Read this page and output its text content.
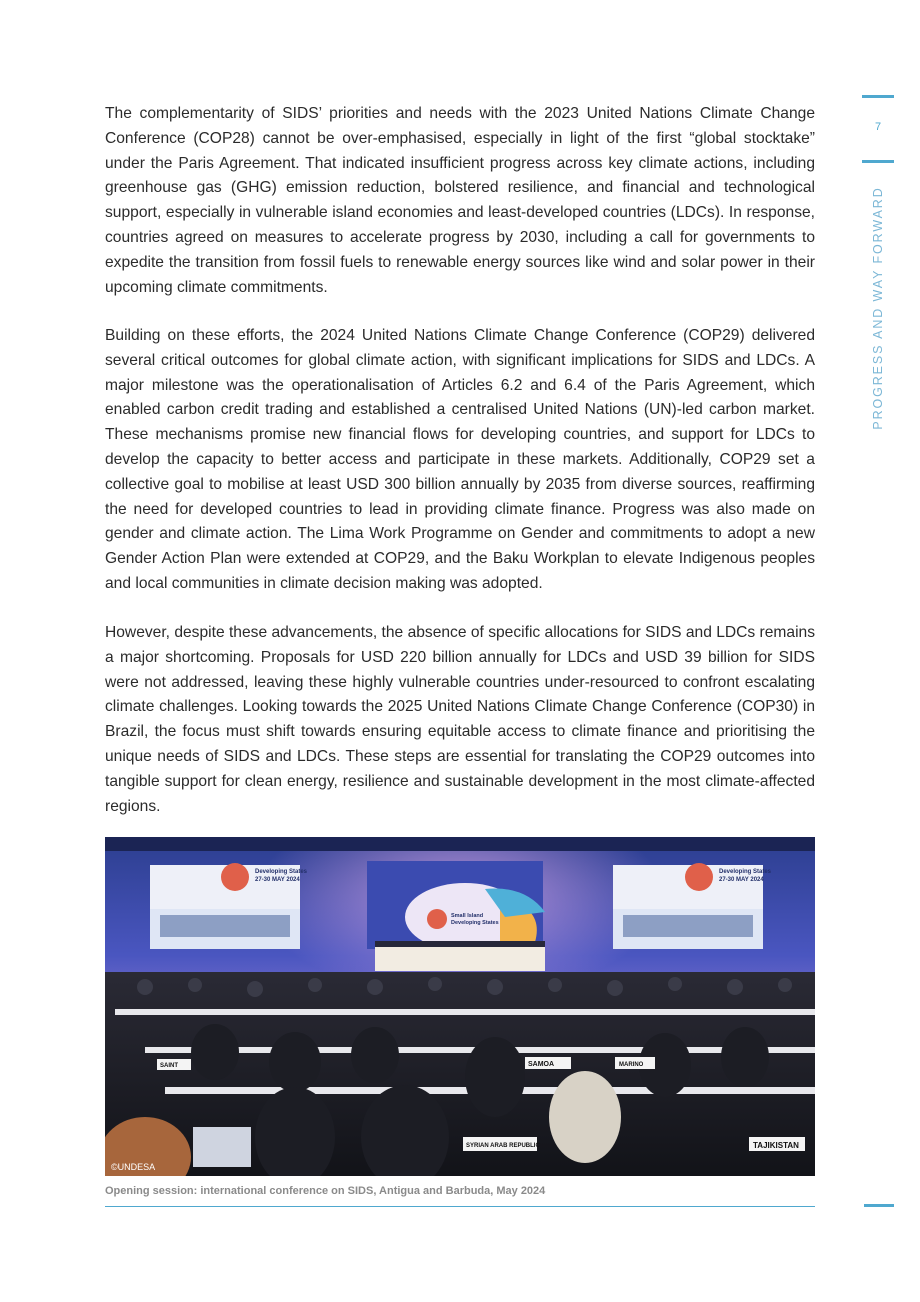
The complementarity of SIDS’ priorities and needs with the 2023 United Nations Climate Change Conference (COP28) cannot be over-emphasised, especially in light of the first “global stocktake” under the Paris Agreement. That indicated insufficient progress across key climate actions, including greenhouse gas (GHG) emission reduction, bolstered resilience, and financial and technological support, especially in vulnerable island economies and least-developed countries (LDCs). In response, countries agreed on measures to accelerate progress by 2030, including a call for governments to expedite the transition from fossil fuels to renewable energy sources like wind and solar power in their upcoming climate commitments.

Building on these efforts, the 2024 United Nations Climate Change Conference (COP29) delivered several critical outcomes for global climate action, with significant implications for SIDS and LDCs. A major milestone was the operationalisation of Articles 6.2 and 6.4 of the Paris Agreement, which enabled carbon credit trading and established a centralised United Nations (UN)-led carbon market. These mechanisms promise new financial flows for developing countries, and support for LDCs to develop the capacity to better access and participate in these markets. Additionally, COP29 set a collective goal to mobilise at least USD 300 billion annually by 2035 from diverse sources, reaffirming the need for developed countries to lead in providing climate finance. Progress was also made on gender and climate action. The Lima Work Programme on Gender and commitments to adopt a new Gender Action Plan were extended at COP29, and the Baku Workplan to elevate Indigenous peoples and local communities in climate decision making was adopted.

However, despite these advancements, the absence of specific allocations for SIDS and LDCs remains a major shortcoming. Proposals for USD 220 billion annually for LDCs and USD 39 billion for SIDS were not addressed, leaving these highly vulnerable countries under-resourced to confront escalating climate challenges. Looking towards the 2025 United Nations Climate Change Conference (COP30) in Brazil, the focus must shift towards ensuring equitable access to climate finance and prioritising the unique needs of SIDS and LDCs. These steps are essential for translating the COP29 outcomes into tangible support for clean energy, resilience and sustainable development in the most climate-affected regions.

7
PROGRESS AND WAY FORWARD
Developing States
27-30 MAY 2024
Developing States
27-30 MAY 2024
Small Island
Developing States
SAMOA	MARINO
SAINT
SYRIAN ARAB REPUBLIC	TAJIKISTAN
©UNDESA
Opening session: international conference on SIDS, Antigua and Barbuda, May 2024
